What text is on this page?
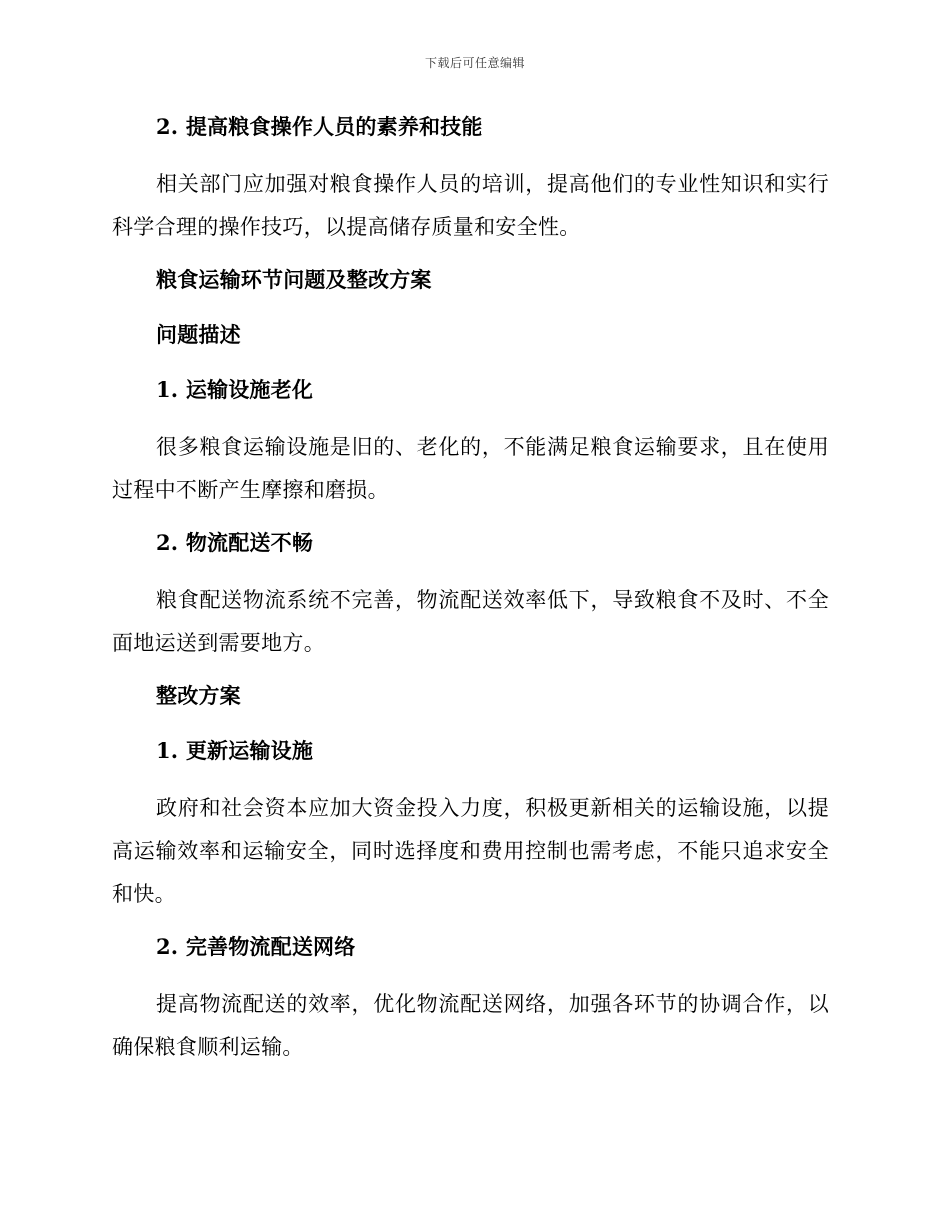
下载后可任意编辑
2. 提高粮食操作人员的素养和技能

相关部门应加强对粮食操作人员的培训，提高他们的专业性知识和实行科学合理的操作技巧，以提高储存质量和安全性。

粮食运输环节问题及整改方案
问题描述
1. 运输设施老化

很多粮食运输设施是旧的、老化的，不能满足粮食运输要求，且在使用过程中不断产生摩擦和磨损。

2. 物流配送不畅

粮食配送物流系统不完善，物流配送效率低下，导致粮食不及时、不全面地运送到需要地方。

整改方案
1. 更新运输设施

政府和社会资本应加大资金投入力度，积极更新相关的运输设施，以提高运输效率和运输安全，同时选择度和费用控制也需考虑，不能只追求安全和快。

2. 完善物流配送网络

提高物流配送的效率，优化物流配送网络，加强各环节的协调合作，以确保粮食顺利运输。
